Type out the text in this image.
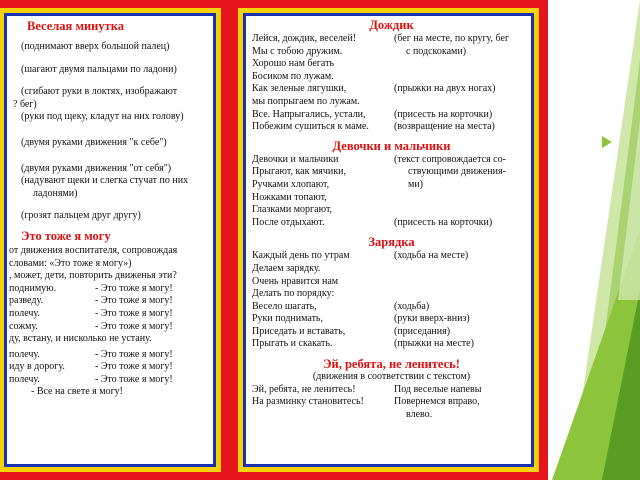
Веселая минутка
(поднимают вверх большой палец)
(шагают двумя пальцами по ладони)
(сгибают руки в локтях, изображают
? бег)
(руки под щеку, кладут на них голову)
(двумя руками движения "к себе")
(двумя руками движения "от себя")
(надувают щеки и слегка стучат по них
ладонями)
(грозят пальцем друг другу)
Это тоже я могу
от движения воспитателя, сопровождая
словами: «Это тоже я могу»)
, может, дети, повторить движенья эти?
поднимую.	- Это тоже я могу!
разведу.	- Это тоже я могу!
полечу.	- Это тоже я могу!
сожму.	- Это тоже я могу!
ду, встану, и нисколько не устану.
полечу.	- Это тоже я могу!
иду в дорогу.	- Это тоже я могу!
полечу.	- Это тоже я могу!
- Все на свете я могу!
Дождик
Лейся, дождик, веселей!	(бег на месте, по кругу, бег
Мы с тобою дружим.	с подскоками)
Хорошо нам бегать
Босиком по лужам.
Как зеленые лягушки,	(прыжки на двух ногах)
мы попрыгаем по лужам.
Все. Напрыгались, устали,	(присесть на корточки)
Побежим сушиться к маме.	(возвращение на места)
Девочки и мальчики
Девочки и мальчики	(текст сопровождается со-
Прыгают, как мячики,	ствующими движения-
Ручками хлопают,	ми)
Ножками топают,
Глазками моргают,
После отдыхают.	(присесть на корточки)
Зарядка
Каждый день по утрам	(ходьба на месте)
Делаем зарядку.
Очень нравится нам
Делать по порядку:
Весело шагать,	(ходьба)
Руки поднимать,	(руки вверх-вниз)
Приседать и вставать,	(приседания)
Прыгать и скакать.	(прыжки на месте)
Эй, ребята, не ленитесь!
(движения в соответствии с текстом)
Эй, ребята, не ленитесь!	Под веселые напевы
На разминку становитесь!	Повернемся вправо,
влево.
